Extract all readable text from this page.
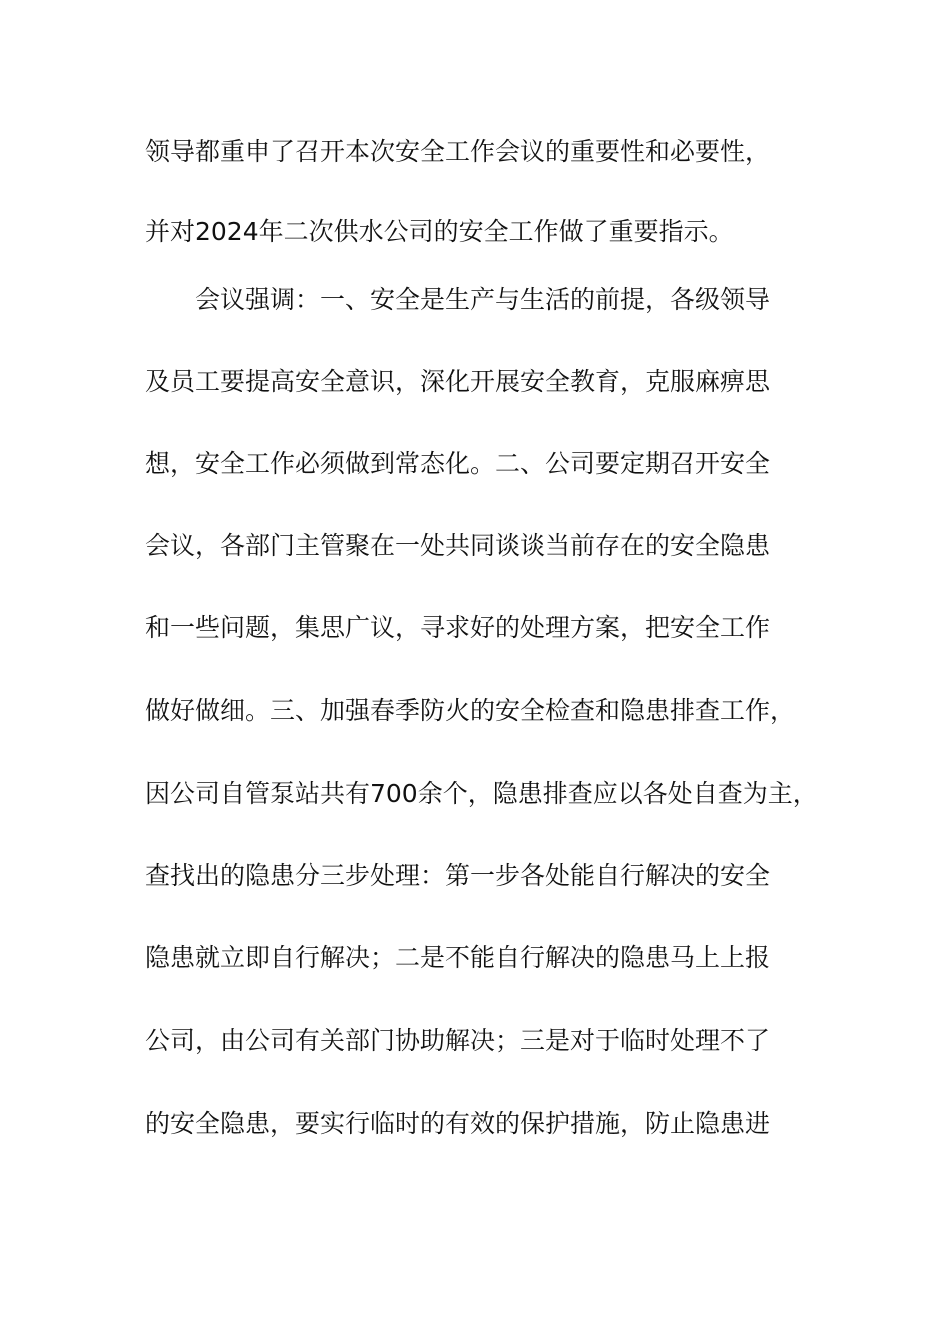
领导都重申了召开本次安全工作会议的重要性和必要性，
并对2024年二次供水公司的安全工作做了重要指示。
会议强调：一、安全是生产与生活的前提，各级领导
及员工要提高安全意识，深化开展安全教育，克服麻痹思
想，安全工作必须做到常态化。二、公司要定期召开安全
会议，各部门主管聚在一处共同谈谈当前存在的安全隐患
和一些问题，集思广议，寻求好的处理方案，把安全工作
做好做细。三、加强春季防火的安全检查和隐患排查工作，
因公司自管泵站共有700余个，隐患排查应以各处自查为主，
查找出的隐患分三步处理：第一步各处能自行解决的安全
隐患就立即自行解决；二是不能自行解决的隐患马上上报
公司，由公司有关部门协助解决；三是对于临时处理不了
的安全隐患，要实行临时的有效的保护措施，防止隐患进
